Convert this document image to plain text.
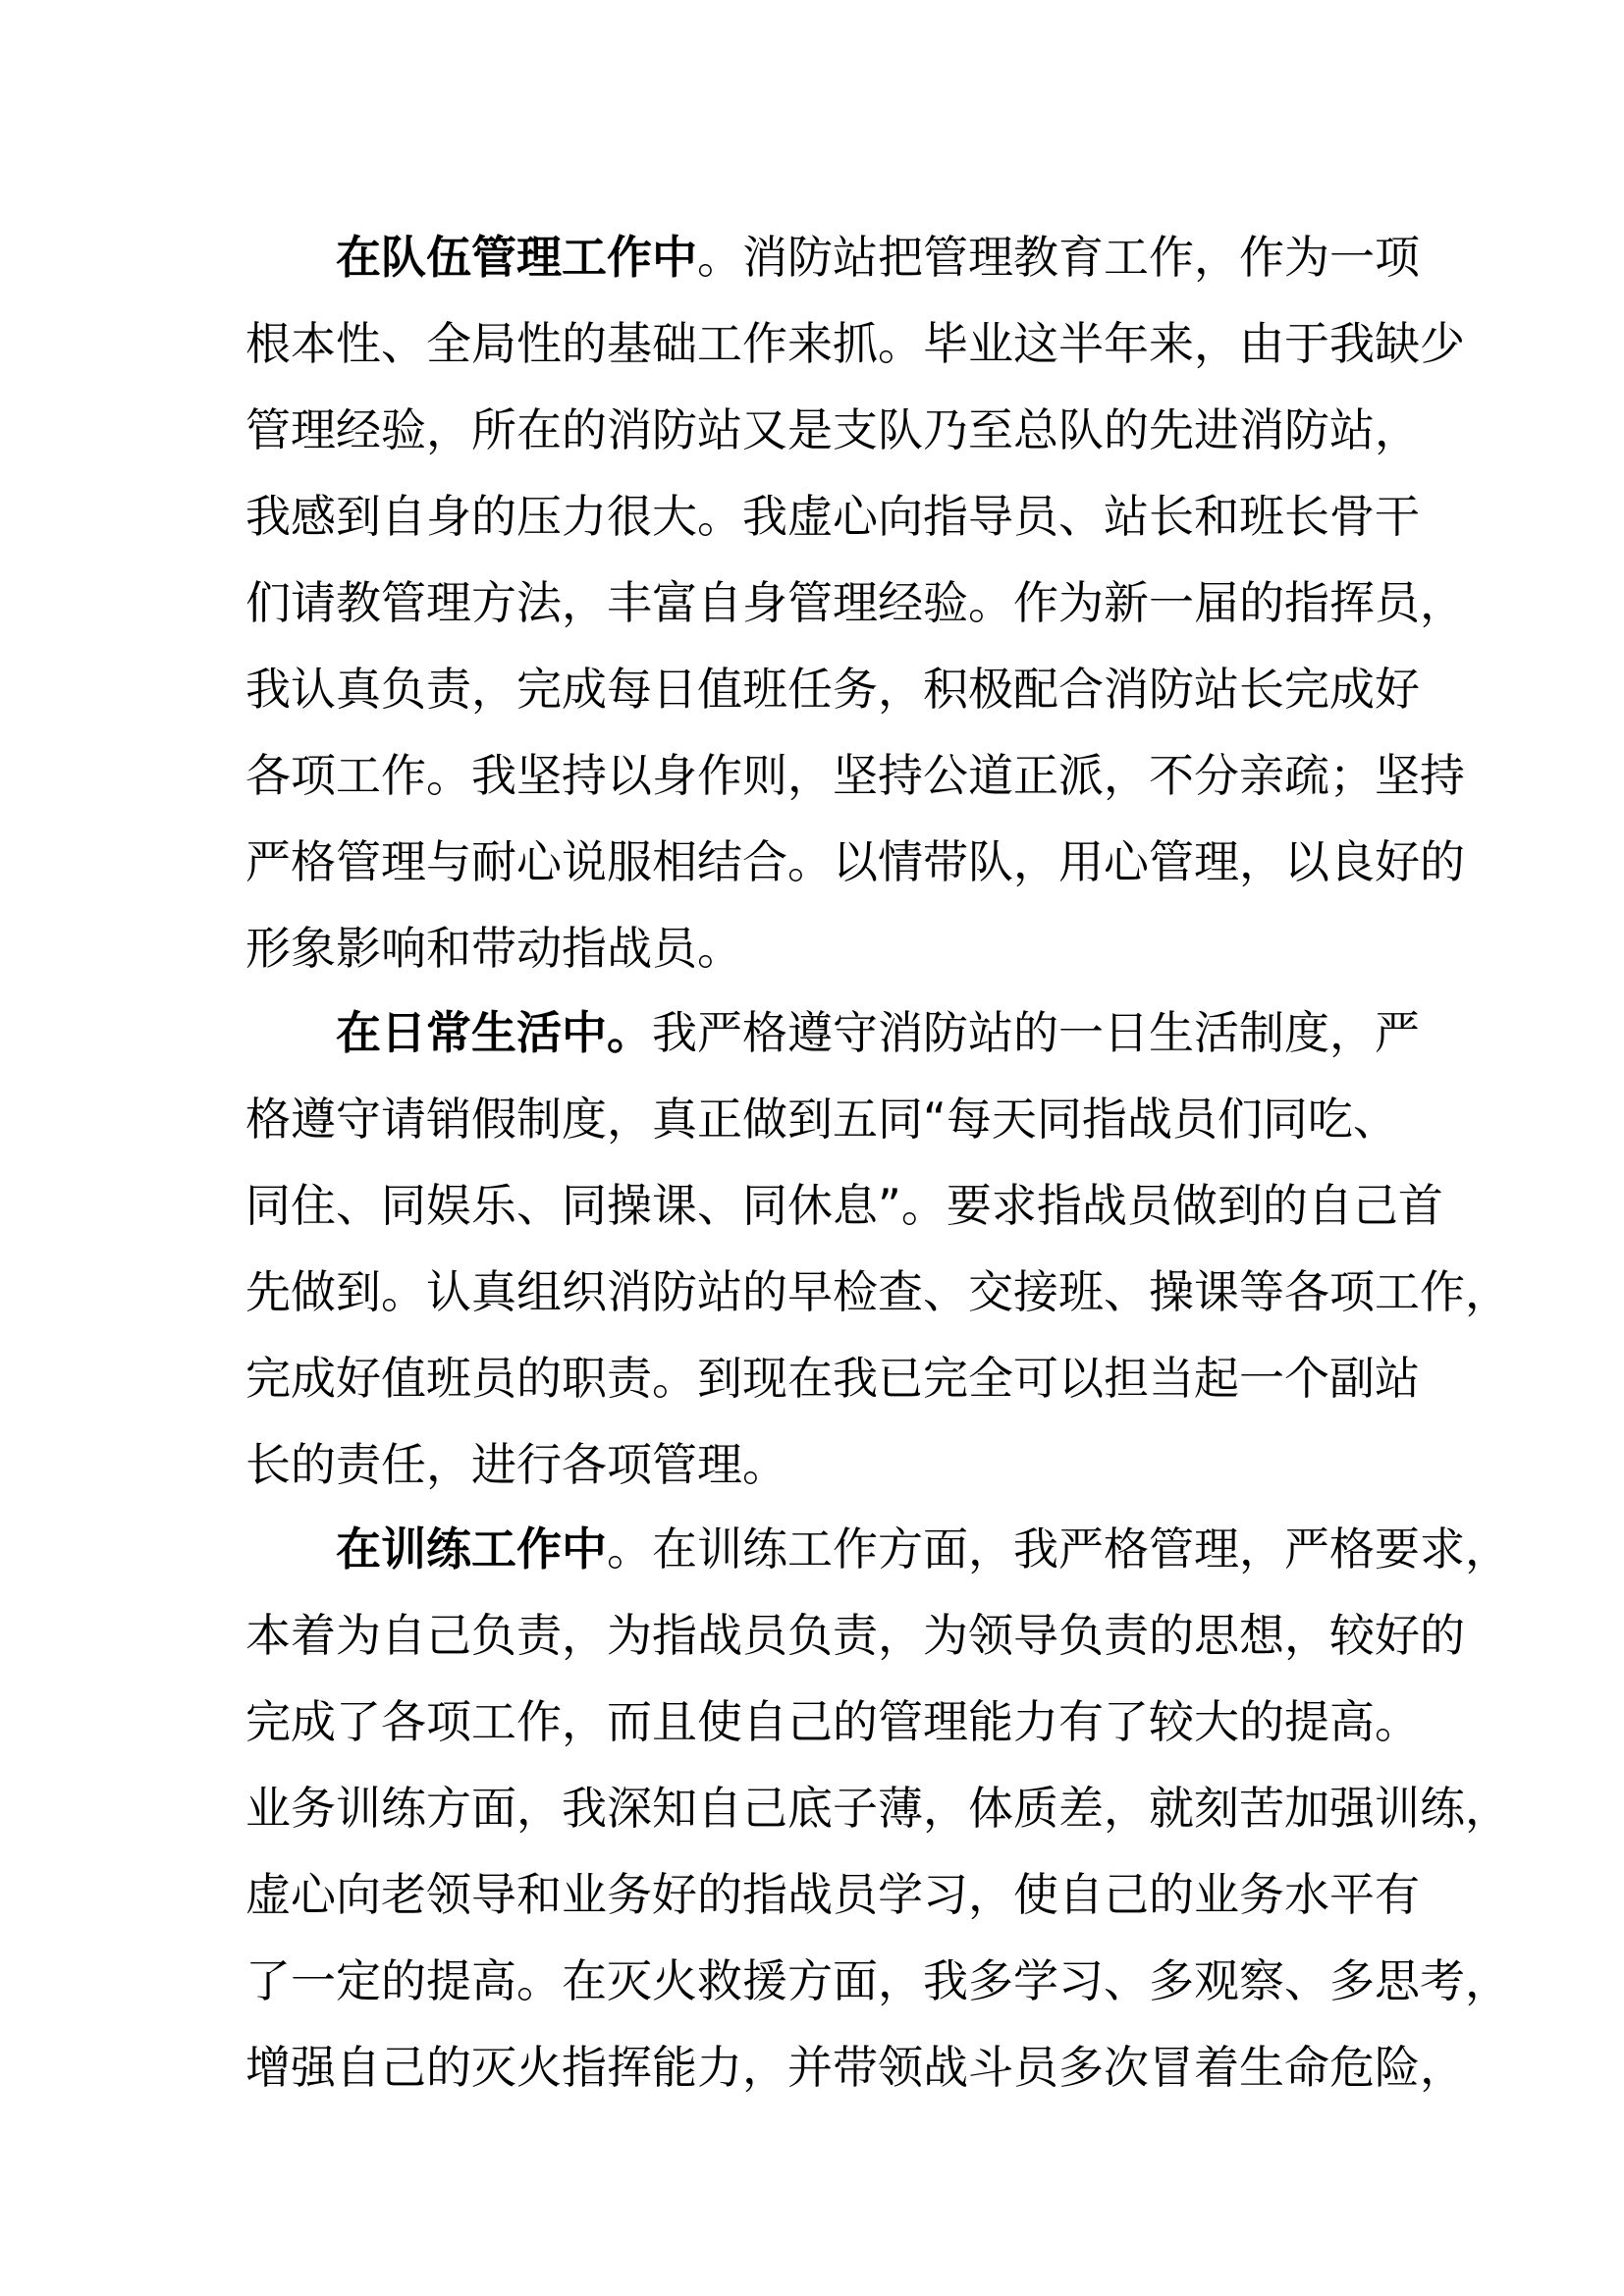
在队伍管理工作中。消防站把管理教育工作，作为一项
根本性、全局性的基础工作来抓。毕业这半年来，由于我缺少
管理经验，所在的消防站又是支队乃至总队的先进消防站，
我感到自身的压力很大。我虚心向指导员、站长和班长骨干
们请教管理方法，丰富自身管理经验。作为新一届的指挥员，
我认真负责，完成每日值班任务，积极配合消防站长完成好
各项工作。我坚持以身作则，坚持公道正派，不分亲疏；坚持
严格管理与耐心说服相结合。以情带队，用心管理，以良好的
形象影响和带动指战员。
在日常生活中。我严格遵守消防站的一日生活制度，严
格遵守请销假制度，真正做到五同“每天同指战员们同吃、
同住、同娱乐、同操课、同休息”。要求指战员做到的自己首
先做到。认真组织消防站的早检查、交接班、操课等各项工作，
完成好值班员的职责。到现在我已完全可以担当起一个副站
长的责任，进行各项管理。
在训练工作中。在训练工作方面，我严格管理，严格要求，
本着为自己负责，为指战员负责，为领导负责的思想，较好的
完成了各项工作，而且使自己的管理能力有了较大的提高。
业务训练方面，我深知自己底子薄，体质差，就刻苦加强训练，
虚心向老领导和业务好的指战员学习，使自己的业务水平有
了一定的提高。在灭火救援方面，我多学习、多观察、多思考，
增强自己的灭火指挥能力，并带领战斗员多次冒着生命危险，
